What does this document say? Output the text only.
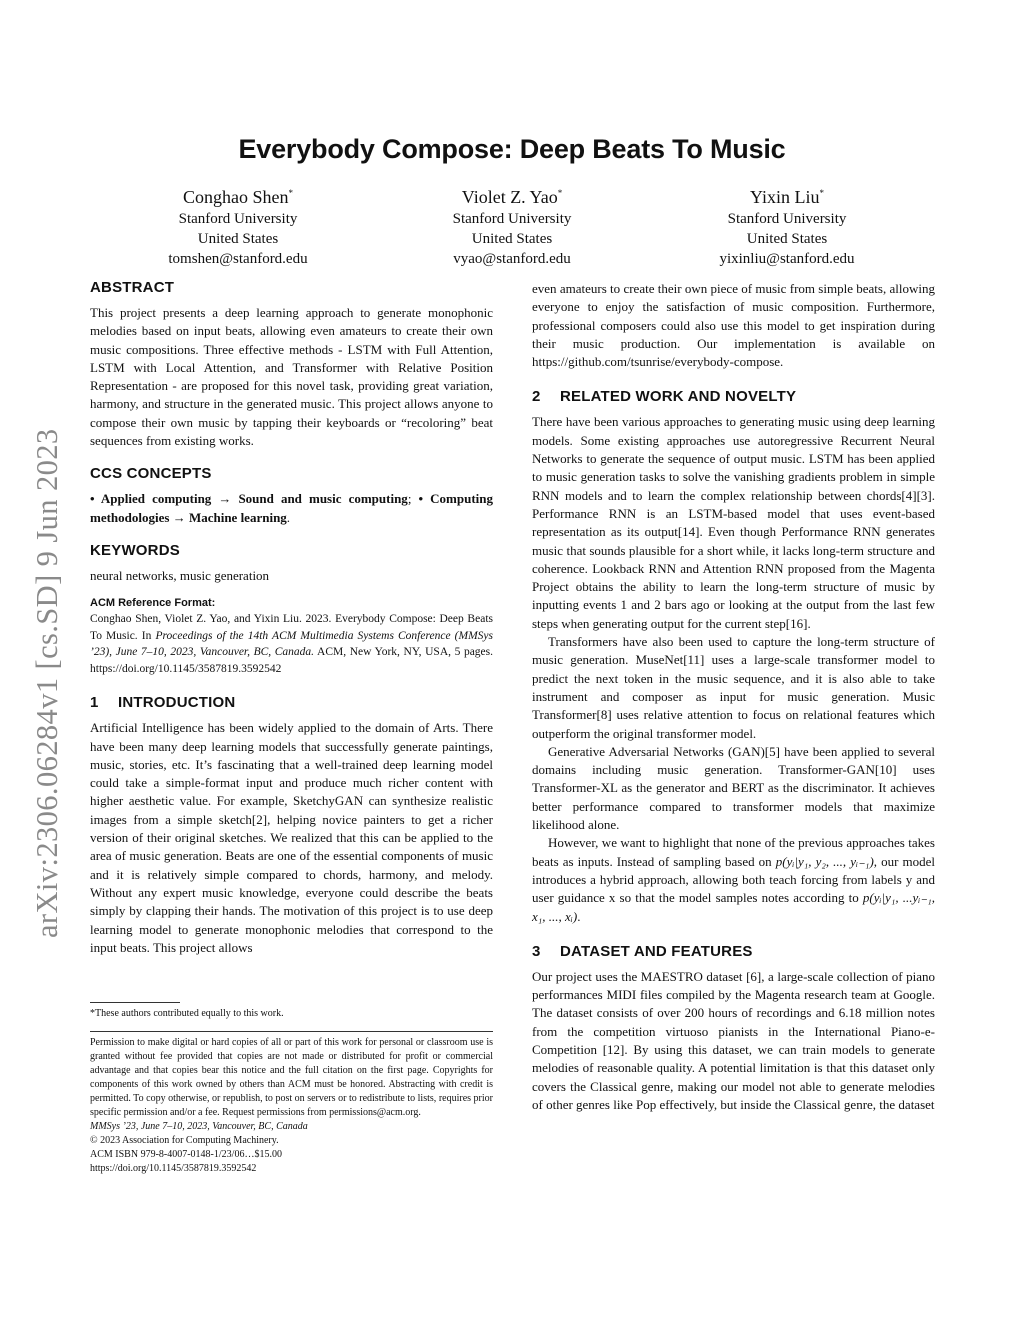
arXiv:2306.06284v1 [cs.SD] 9 Jun 2023
Everybody Compose: Deep Beats To Music
Conghao Shen*
Stanford University
United States
tomshen@stanford.edu
Violet Z. Yao*
Stanford University
United States
vyao@stanford.edu
Yixin Liu*
Stanford University
United States
yixinliu@stanford.edu
ABSTRACT

This project presents a deep learning approach to generate monophonic melodies based on input beats, allowing even amateurs to create their own music compositions. Three effective methods - LSTM with Full Attention, LSTM with Local Attention, and Transformer with Relative Position Representation - are proposed for this novel task, providing great variation, harmony, and structure in the generated music. This project allows anyone to compose their own music by tapping their keyboards or “recoloring” beat sequences from existing works.

CCS CONCEPTS

• Applied computing → Sound and music computing; • Computing methodologies → Machine learning.

KEYWORDS

neural networks, music generation

ACM Reference Format:

Conghao Shen, Violet Z. Yao, and Yixin Liu. 2023. Everybody Compose: Deep Beats To Music. In Proceedings of the 14th ACM Multimedia Systems Conference (MMSys ’23), June 7–10, 2023, Vancouver, BC, Canada. ACM, New York, NY, USA, 5 pages. https://doi.org/10.1145/3587819.3592542

1 INTRODUCTION

Artificial Intelligence has been widely applied to the domain of Arts. There have been many deep learning models that successfully generate paintings, music, stories, etc. It’s fascinating that a well-trained deep learning model could take a simple-format input and produce much richer content with higher aesthetic value. For example, SketchyGAN can synthesize realistic images from a simple sketch[2], helping novice painters to get a richer version of their original sketches. We realized that this can be applied to the area of music generation. Beats are one of the essential components of music and it is relatively simple compared to chords, harmony, and melody. Without any expert music knowledge, everyone could describe the beats simply by clapping their hands. The motivation of this project is to use deep learning model to generate monophonic melodies that correspond to the input beats. This project allows

*These authors contributed equally to this work.

Permission to make digital or hard copies of all or part of this work for personal or classroom use is granted without fee provided that copies are not made or distributed for profit or commercial advantage and that copies bear this notice and the full citation on the first page. Copyrights for components of this work owned by others than ACM must be honored. Abstracting with credit is permitted. To copy otherwise, or republish, to post on servers or to redistribute to lists, requires prior specific permission and/or a fee. Request permissions from permissions@acm.org.

MMSys ’23, June 7–10, 2023, Vancouver, BC, Canada
© 2023 Association for Computing Machinery.
ACM ISBN 979-8-4007-0148-1/23/06…$15.00
https://doi.org/10.1145/3587819.3592542

even amateurs to create their own piece of music from simple beats, allowing everyone to enjoy the satisfaction of music composition. Furthermore, professional composers could also use this model to get inspiration during their music production. Our implementation is available on https://github.com/tsunrise/everybody-compose.

2 RELATED WORK AND NOVELTY

There have been various approaches to generating music using deep learning models. Some existing approaches use autoregressive Recurrent Neural Networks to generate the sequence of output music. LSTM has been applied to music generation tasks to solve the vanishing gradients problem in simple RNN models and to learn the complex relationship between chords[4][3]. Performance RNN is an LSTM-based model that uses event-based representation as its output[14]. Even though Performance RNN generates music that sounds plausible for a short while, it lacks long-term structure and coherence. Lookback RNN and Attention RNN proposed from the Magenta Project obtains the ability to learn the long-term structure of music by inputting events 1 and 2 bars ago or looking at the output from the last few steps when generating output for the current step[16].

Transformers have also been used to capture the long-term structure of music generation. MuseNet[11] uses a large-scale transformer model to predict the next token in the music sequence, and it is also able to take instrument and composer as input for music generation. Music Transformer[8] uses relative attention to focus on relational features which outperform the original transformer model.

Generative Adversarial Networks (GAN)[5] have been applied to several domains including music generation. Transformer-GAN[10] uses Transformer-XL as the generator and BERT as the discriminator. It achieves better performance compared to transformer models that maximize likelihood alone.

However, we want to highlight that none of the previous approaches takes beats as inputs. Instead of sampling based on p(yᵢ|y₁, y₂, ..., yᵢ₋₁), our model introduces a hybrid approach, allowing both teach forcing from labels y and user guidance x so that the model samples notes according to p(yᵢ|y₁, ...yᵢ₋₁, x₁, ..., xᵢ).

3 DATASET AND FEATURES

Our project uses the MAESTRO dataset [6], a large-scale collection of piano performances MIDI files compiled by the Magenta research team at Google. The dataset consists of over 200 hours of recordings and 6.18 million notes from the competition virtuoso pianists in the International Piano-e-Competition [12]. By using this dataset, we can train models to generate melodies of reasonable quality. A potential limitation is that this dataset only covers the Classical genre, making our model not able to generate melodies of other genres like Pop effectively, but inside the Classical genre, the dataset
